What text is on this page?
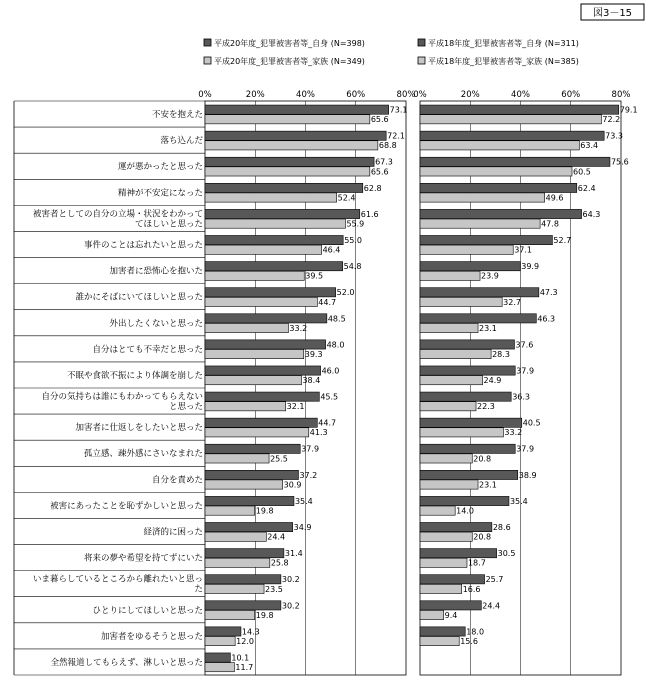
図3－15
平成20年度_犯罪被害者等_自身 (N=398)
平成20年度_犯罪被害者等_家族 (N=349)
平成18年度_犯罪被害者等_自身 (N=311)
平成18年度_犯罪被害者等_家族 (N=385)
不安を抱えた
落ち込んだ
運が悪かったと思った
精神が不安定になった
被害者としての自分の立場・状況をわかって
てほしいと思った
事件のことは忘れたいと思った
加害者に恐怖心を抱いた
誰かにそばにいてほしいと思った
外出したくないと思った
自分はとても不幸だと思った
不眠や食欲不振により体調を崩した
自分の気持ちは誰にもわかってもらえない
と思った
加害者に仕返しをしたいと思った
孤立感、疎外感にさいなまれた
自分を責めた
被害にあったことを恥ずかしいと思った
経済的に困った
将来の夢や希望を持てずにいた
いま暮らしているところから離れたいと思っ
た
ひとりにしてほしいと思った
加害者をゆるそうと思った
全然報道してもらえず、淋しいと思った
0%	20%	40%	60%	80%
73.1
65.6
72.1
68.8
67.3
65.6
62.8
52.4
61.6
55.9
55.0
46.4
54.8
39.5
52.0
44.7
48.5
33.2
48.0
39.3
46.0
38.4
45.5
32.1
44.7
41.3
37.9
25.5
37.2
30.9
35.4
19.8
34.9
24.4
31.4
25.8
30.2
23.5
30.2
19.8
14.3
12.0
10.1
11.7
0%	20%	40%	60%	80%
79.1
72.2
73.3
63.4
75.6
60.5
62.4
49.6
64.3
47.8
52.7
37.1
39.9
23.9
47.3
32.7
46.3
23.1
37.6
28.3
37.9
24.9
36.3
22.3
40.5
33.2
37.9
20.8
38.9
23.1
35.4
14.0
28.6
20.8
30.5
18.7
25.7
16.6
24.4
9.4
18.0
15.6
